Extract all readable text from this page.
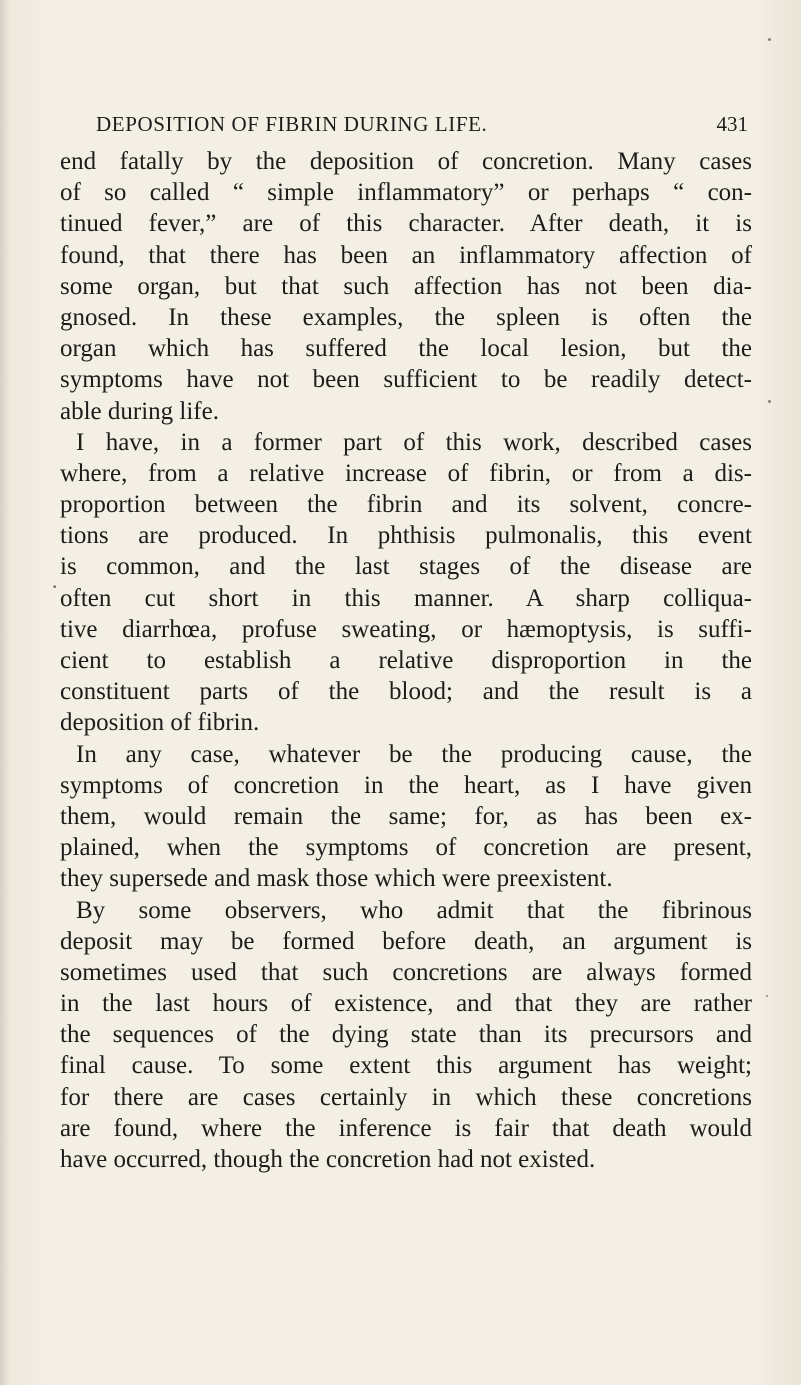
DEPOSITION OF FIBRIN DURING LIFE.	431
•
end fatally by the deposition of concretion. Many cases
of so called “ simple inflammatory” or perhaps “ con-
tinued fever,” are of this character. After death, it is
found, that there has been an inflammatory affection of
some organ, but that such affection has not been dia-
gnosed. In these examples, the spleen is often the
organ which has suffered the local lesion, but the
symptoms have not been sufficient to be readily detect-
able during life.
I have, in a former part of this work, described cases
where, from a relative increase of fibrin, or from a dis-
proportion between the fibrin and its solvent, concre-
tions are produced. In phthisis pulmonalis, this event
is common, and the last stages of the disease are
often cut short in this manner. A sharp colliqua-
tive diarrhœa, profuse sweating, or hæmoptysis, is suffi-
cient to establish a relative disproportion in the
constituent parts of the blood; and the result is a
deposition of fibrin.
In any case, whatever be the producing cause, the
symptoms of concretion in the heart, as I have given
them, would remain the same; for, as has been ex-
plained, when the symptoms of concretion are present,
they supersede and mask those which were preexistent.
By some observers, who admit that the fibrinous
deposit may be formed before death, an argument is
sometimes used that such concretions are always formed
in the last hours of existence, and that they are rather
the sequences of the dying state than its precursors and
final cause. To some extent this argument has weight;
for there are cases certainly in which these concretions
are found, where the inference is fair that death would
have occurred, though the concretion had not existed.
